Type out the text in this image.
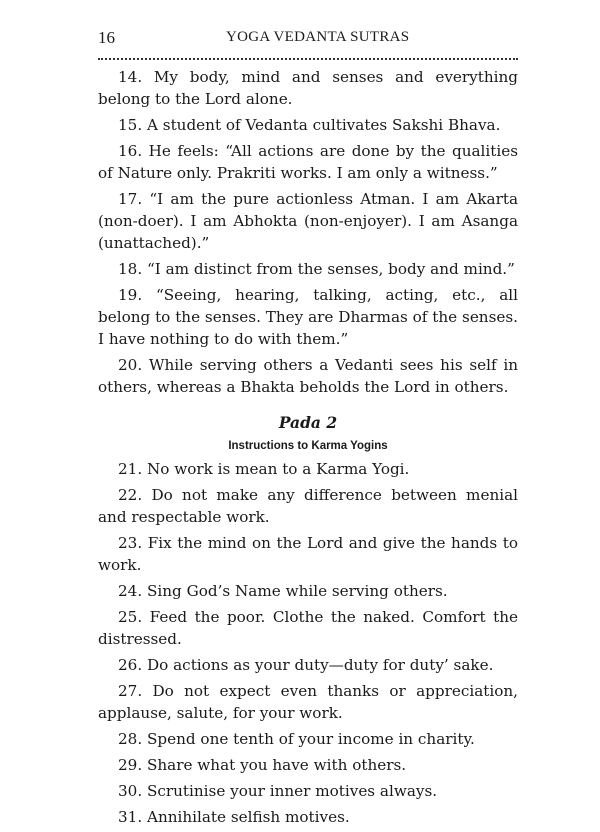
16	YOGA VEDANTA SUTRAS

14. My body, mind and senses and everything belong to the Lord alone.

15. A student of Vedanta cultivates Sakshi Bhava.

16. He feels: “All actions are done by the qualities of Nature only. Prakriti works. I am only a witness.”

17. “I am the pure actionless Atman. I am Akarta (non-doer). I am Abhokta (non-enjoyer). I am Asanga (unattached).”

18. “I am distinct from the senses, body and mind.”

19. “Seeing, hearing, talking, acting, etc., all belong to the senses. They are Dharmas of the senses. I have nothing to do with them.”

20. While serving others a Vedanti sees his self in others, whereas a Bhakta beholds the Lord in others.

Pada 2
Instructions to Karma Yogins

21. No work is mean to a Karma Yogi.

22. Do not make any difference between menial and respectable work.

23. Fix the mind on the Lord and give the hands to work.

24. Sing God’s Name while serving others.

25. Feed the poor. Clothe the naked. Comfort the distressed.

26. Do actions as your duty—duty for duty’ sake.

27. Do not expect even thanks or appreciation, applause, salute, for your work.

28. Spend one tenth of your income in charity.

29. Share what you have with others.

30. Scrutinise your inner motives always.

31. Annihilate selfish motives.
